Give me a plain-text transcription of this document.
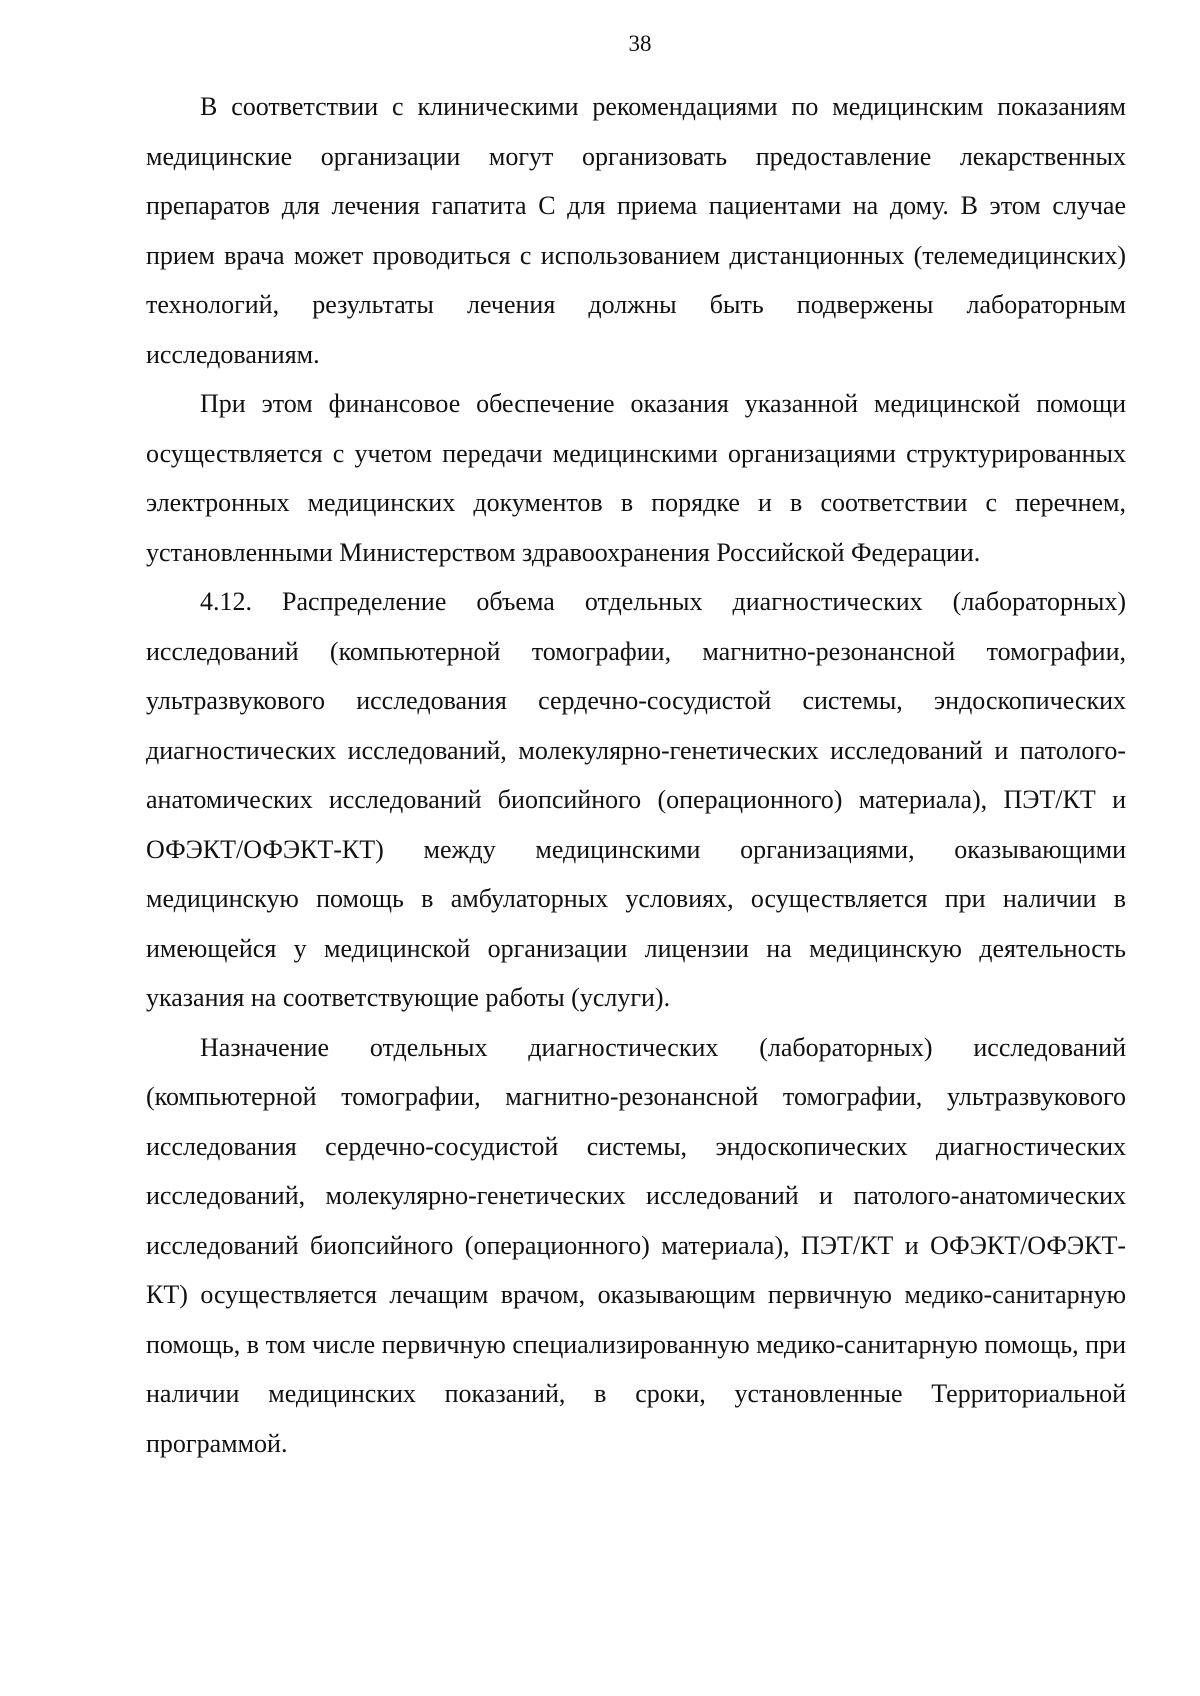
38

В соответствии с клиническими рекомендациями по медицинским показаниям медицинские организации могут организовать предоставление лекарственных препаратов для лечения гапатита С для приема пациентами на дому. В этом случае прием врача может проводиться с использованием дистанционных (телемедицинских) технологий, результаты лечения должны быть подвержены лабораторным исследованиям.

При этом финансовое обеспечение оказания указанной медицинской помощи осуществляется с учетом передачи медицинскими организациями структурированных электронных медицинских документов в порядке и в соответствии с перечнем, установленными Министерством здравоохранения Российской Федерации.

4.12. Распределение объема отдельных диагностических (лабораторных) исследований (компьютерной томографии, магнитно-резонансной томографии, ультразвукового исследования сердечно-сосудистой системы, эндоскопических диагностических исследований, молекулярно-генетических исследований и патолого-анатомических исследований биопсийного (операционного) материала), ПЭТ/КТ и ОФЭКТ/ОФЭКТ-КТ) между медицинскими организациями, оказывающими медицинскую помощь в амбулаторных условиях, осуществляется при наличии в имеющейся у медицинской организации лицензии на медицинскую деятельность указания на соответствующие работы (услуги).

Назначение отдельных диагностических (лабораторных) исследований (компьютерной томографии, магнитно-резонансной томографии, ультразвукового исследования сердечно-сосудистой системы, эндоскопических диагностических исследований, молекулярно-генетических исследований и патолого-анатомических исследований биопсийного (операционного) материала), ПЭТ/КТ и ОФЭКТ/ОФЭКТ-КТ) осуществляется лечащим врачом, оказывающим первичную медико-санитарную помощь, в том числе первичную специализированную медико-санитарную помощь, при наличии медицинских показаний, в сроки, установленные Территориальной программой.
